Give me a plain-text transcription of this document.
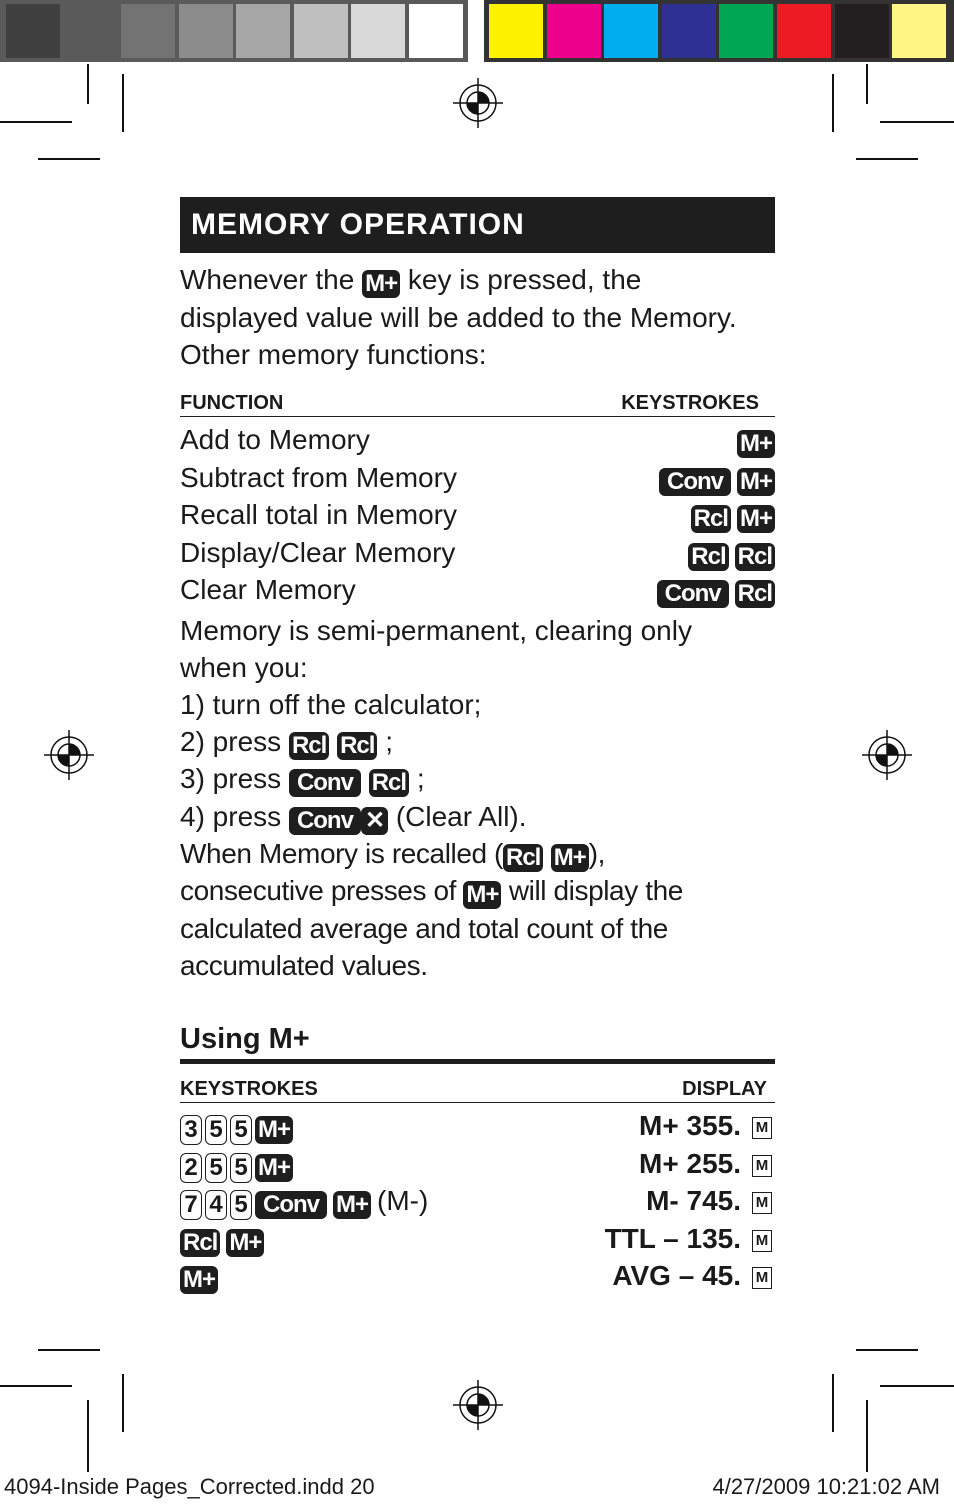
MEMORY OPERATION
Whenever the M+ key is pressed, the
displayed value will be added to the Memory.
Other memory functions:
FUNCTION	KEYSTROKES
Add to Memory	M+
Subtract from Memory	Conv M+
Recall total in Memory	Rcl M+
Display/Clear Memory	Rcl Rcl
Clear Memory	Conv Rcl
Memory is semi-permanent, clearing only
when you:
1) turn off the calculator;
2) press Rcl Rcl ;
3) press Conv Rcl ;
4) press Conv ✕ (Clear All).
When Memory is recalled ( Rcl M+ ),
consecutive presses of M+ will display the
calculated average and total count of the
accumulated values.
Using M+
KEYSTROKES	DISPLAY
3 5 5 M+	M+ 355. M
2 5 5 M+	M+ 255. M
7 4 5 Conv M+ (M-)	M- 745. M
Rcl M+	TTL – 135. M
M+	AVG – 45. M
4094-Inside Pages_Corrected.indd 20	4/27/2009 10:21:02 AM
